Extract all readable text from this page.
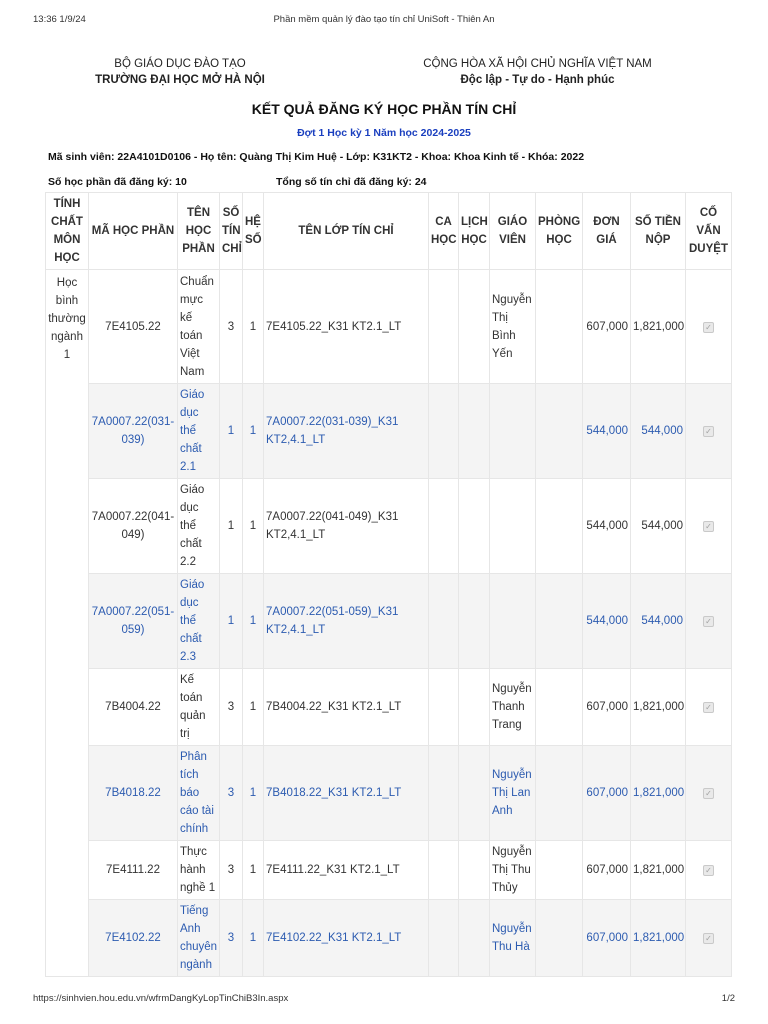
13:36 1/9/24	Phần mềm quản lý đào tạo tín chỉ UniSoft - Thiên An
BỘ GIÁO DỤC ĐÀO TẠO
TRƯỜNG ĐẠI HỌC MỞ HÀ NỘI
CỘNG HÒA XÃ HỘI CHỦ NGHĨA VIỆT NAM
Độc lập - Tự do - Hạnh phúc
KẾT QUẢ ĐĂNG KÝ HỌC PHẦN TÍN CHỈ
Đợt 1 Học kỳ 1 Năm học 2024-2025
Mã sinh viên: 22A4101D0106 - Họ tên: Quàng Thị Kim Huệ - Lớp: K31KT2 - Khoa: Khoa Kinh tế - Khóa: 2022
Số học phần đã đăng ký: 10	Tổng số tín chỉ đã đăng ký: 24
TÍNH CHẤT MÔN HỌC	MÃ HỌC PHẦN	TÊN HỌC PHẦN	SỐ TÍN CHỈ	HỆ SỐ	TÊN LỚP TÍN CHỈ	CA HỌC	LỊCH HỌC	GIÁO VIÊN	PHÒNG HỌC	ĐƠN GIÁ	SỐ TIỀN NỘP	CỐ VẤN DUYỆT
Học bình thường ngành 1	7E4105.22	Chuẩn mực kế toán Việt Nam	3	1	7E4105.22_K31 KT2.1_LT			Nguyễn Thị Bình Yến		607,000	1,821,000	✓
	7A0007.22(031-039)	Giáo dục thể chất 2.1	1	1	7A0007.22(031-039)_K31 KT2,4.1_LT					544,000	544,000	✓
	7A0007.22(041-049)	Giáo dục thể chất 2.2	1	1	7A0007.22(041-049)_K31 KT2,4.1_LT					544,000	544,000	✓
	7A0007.22(051-059)	Giáo dục thể chất 2.3	1	1	7A0007.22(051-059)_K31 KT2,4.1_LT					544,000	544,000	✓
	7B4004.22	Kế toán quản trị	3	1	7B4004.22_K31 KT2.1_LT			Nguyễn Thanh Trang		607,000	1,821,000	✓
	7B4018.22	Phân tích báo cáo tài chính	3	1	7B4018.22_K31 KT2.1_LT			Nguyễn Thị Lan Anh		607,000	1,821,000	✓
	7E4111.22	Thực hành nghề 1	3	1	7E4111.22_K31 KT2.1_LT			Nguyễn Thị Thu Thủy		607,000	1,821,000	✓
	7E4102.22	Tiếng Anh chuyên ngành	3	1	7E4102.22_K31 KT2.1_LT			Nguyễn Thu Hà		607,000	1,821,000	✓
https://sinhvien.hou.edu.vn/wfrmDangKyLopTinChiB3In.aspx	1/2
